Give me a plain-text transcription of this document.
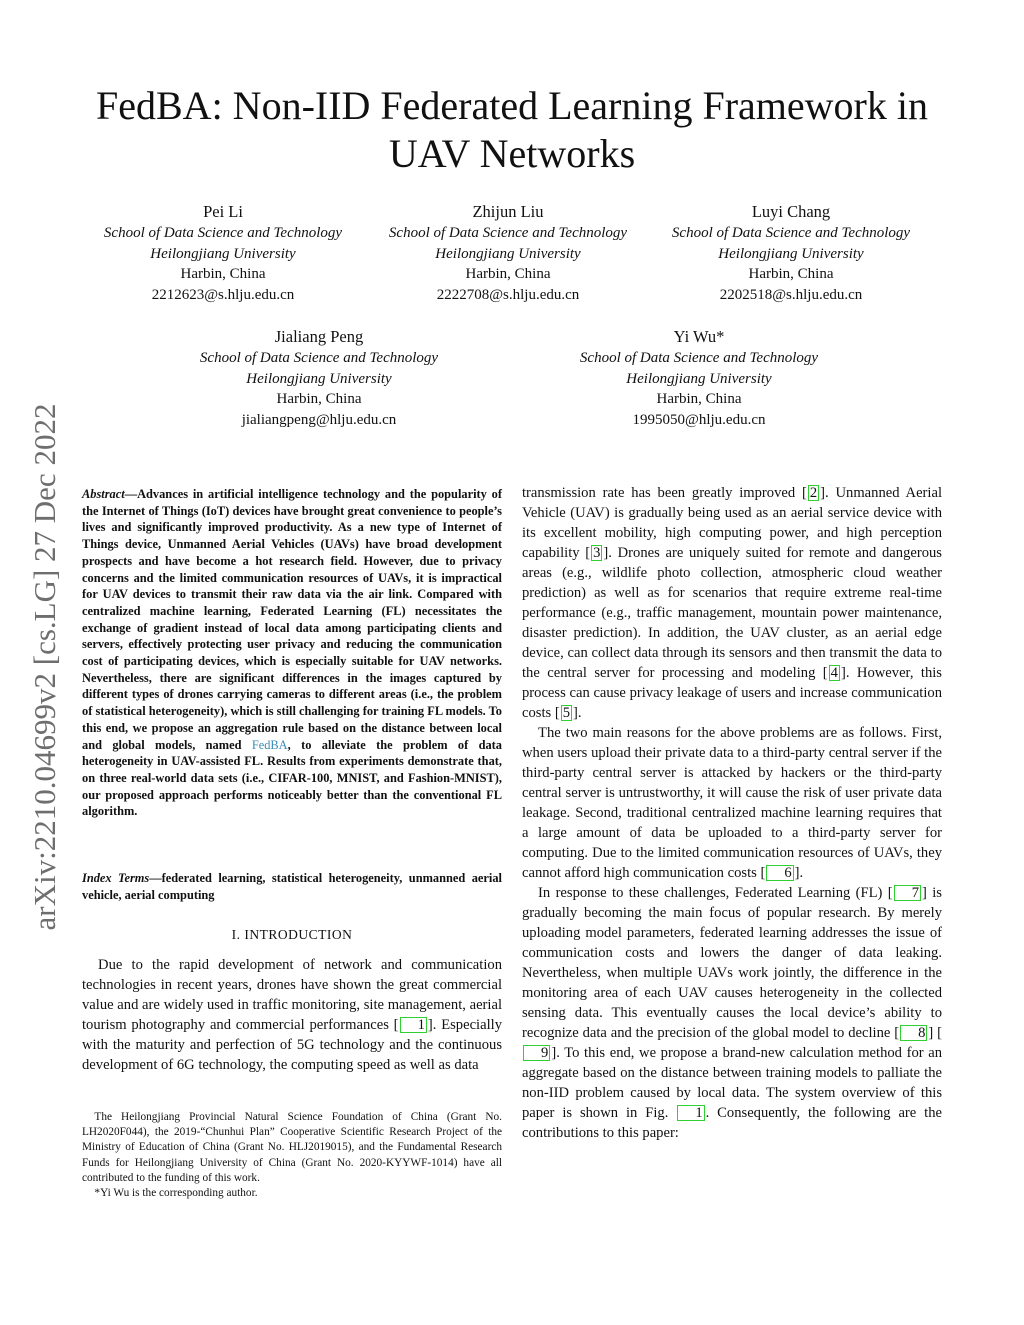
FedBA: Non-IID Federated Learning Framework in UAV Networks
arXiv:2210.04699v2 [cs.LG] 27 Dec 2022
Pei Li
School of Data Science and Technology
Heilongjiang University
Harbin, China
2212623@s.hlju.edu.cn
Zhijun Liu
School of Data Science and Technology
Heilongjiang University
Harbin, China
2222708@s.hlju.edu.cn
Luyi Chang
School of Data Science and Technology
Heilongjiang University
Harbin, China
2202518@s.hlju.edu.cn
Jialiang Peng
School of Data Science and Technology
Heilongjiang University
Harbin, China
jialiangpeng@hlju.edu.cn
Yi Wu*
School of Data Science and Technology
Heilongjiang University
Harbin, China
1995050@hlju.edu.cn
Abstract—Advances in artificial intelligence technology and the popularity of the Internet of Things (IoT) devices have brought great convenience to people’s lives and significantly improved productivity. As a new type of Internet of Things device, Unmanned Aerial Vehicles (UAVs) have broad development prospects and have become a hot research field. However, due to privacy concerns and the limited communication resources of UAVs, it is impractical for UAV devices to transmit their raw data via the air link. Compared with centralized machine learning, Federated Learning (FL) necessitates the exchange of gradient instead of local data among participating clients and servers, effectively protecting user privacy and reducing the communication cost of participating devices, which is especially suitable for UAV networks. Nevertheless, there are significant differences in the images captured by different types of drones carrying cameras to different areas (i.e., the problem of statistical heterogeneity), which is still challenging for training FL models. To this end, we propose an aggregation rule based on the distance between local and global models, named FedBA, to alleviate the problem of data heterogeneity in UAV-assisted FL. Results from experiments demonstrate that, on three real-world data sets (i.e., CIFAR-100, MNIST, and Fashion-MNIST), our proposed approach performs noticeably better than the conventional FL algorithm.
Index Terms—federated learning, statistical heterogeneity, unmanned aerial vehicle, aerial computing
I. INTRODUCTION

Due to the rapid development of network and communication technologies in recent years, drones have shown the great commercial value and are widely used in traffic monitoring, site management, aerial tourism photography and commercial performances [ 1 ]. Especially with the maturity and perfection of 5G technology and the continuous development of 6G technology, the computing speed as well as data

The Heilongjiang Provincial Natural Science Foundation of China (Grant No. LH2020F044), the 2019-“Chunhui Plan” Cooperative Scientific Research Project of the Ministry of Education of China (Grant No. HLJ2019015), and the Fundamental Research Funds for Heilongjiang University of China (Grant No. 2020-KYYWF-1014) have all contributed to the funding of this work.

*Yi Wu is the corresponding author.

transmission rate has been greatly improved [ 2 ]. Unmanned Aerial Vehicle (UAV) is gradually being used as an aerial service device with its excellent mobility, high computing power, and high perception capability [ 3 ]. Drones are uniquely suited for remote and dangerous areas (e.g., wildlife photo collection, atmospheric cloud weather prediction) as well as for scenarios that require extreme real-time performance (e.g., traffic management, mountain power maintenance, disaster prediction). In addition, the UAV cluster, as an aerial edge device, can collect data through its sensors and then transmit the data to the central server for processing and modeling [ 4 ]. However, this process can cause privacy leakage of users and increase communication costs [ 5 ].

The two main reasons for the above problems are as follows. First, when users upload their private data to a third-party central server if the third-party central server is attacked by hackers or the third-party central server is untrustworthy, it will cause the risk of user private data leakage. Second, traditional centralized machine learning requires that a large amount of data be uploaded to a third-party server for computing. Due to the limited communication resources of UAVs, they cannot afford high communication costs [ 6 ].

In response to these challenges, Federated Learning (FL) [ 7 ] is gradually becoming the main focus of popular research. By merely uploading model parameters, federated learning addresses the issue of communication costs and lowers the danger of data leaking. Nevertheless, when multiple UAVs work jointly, the difference in the monitoring area of each UAV causes heterogeneity in the collected sensing data. This eventually causes the local device’s ability to recognize data and the precision of the global model to decline [ 8 ] [9 ]. To this end, we propose a brand-new calculation method for an aggregate based on the distance between training models to palliate the non-IID problem caused by local data. The system overview of this paper is shown in Fig. 1 . Consequently, the following are the contributions to this paper:
